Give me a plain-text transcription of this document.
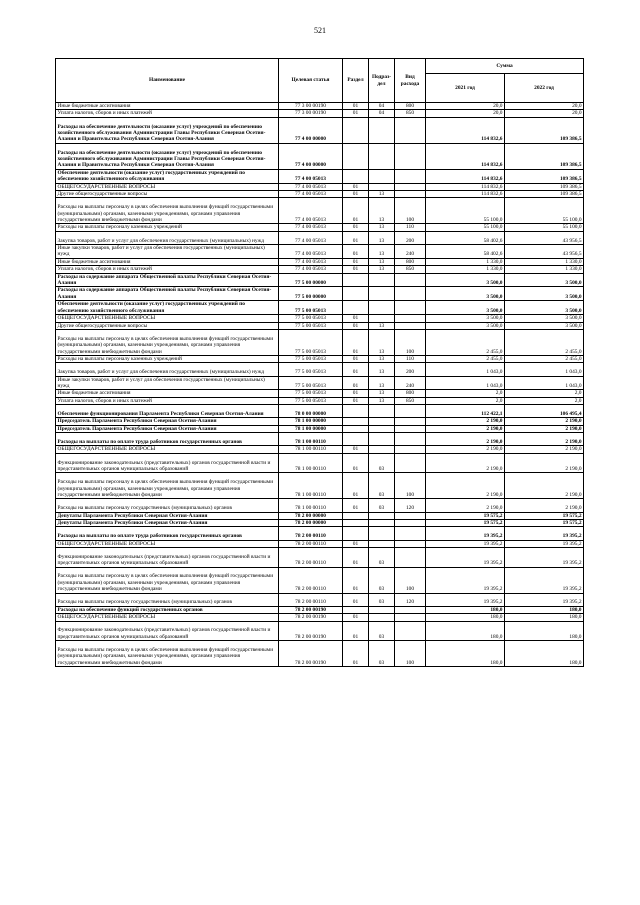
521
Наименование	Целевая статья	Раздел	Подраз-дел	Вид расхода	Сумма	
					2021 год	2022 год
Иные бюджетные ассигнования	77 3 00 00190	01	04	800	20,0	20,0
Уплата налогов, сборов и иных платежей	77 3 00 00190	01	04	850	20,0	20,0
Расходы на обеспечение деятельности (оказание услуг) учреждений по обеспечению хозяйственного обслуживания Администрации Главы Республики Северная Осетия-Алания и Правительства Республики Северная Осетия-Алания	77 4 00 00000				114 832,6	109 386,5
Расходы на обеспечение деятельности (оказание услуг) учреждений по обеспечению хозяйственного обслуживания Администрации Главы Республики Северная Осетия-Алания и Правительства Республики Северная Осетия-Алания	77 4 00 00000				114 832,6	109 386,5
Обеспечение деятельности (оказание услуг) государственных учреждений по обеспечению хозяйственного обслуживания	77 4 00 05013				114 832,6	109 386,5
ОБЩЕГОСУДАРСТВЕННЫЕ ВОПРОСЫ	77 4 00 05013	01			114 832,6	109 386,5
Другие общегосударственные вопросы	77 4 00 05013	01	13		114 832,6	109 386,5
Расходы на выплаты персоналу в целях обеспечения выполнения функций государственными (муниципальными) органами, казенными учреждениями, органами управления государственными внебюджетными фондами	77 4 00 05013	01	13	100	55 100,0	55 100,0
Расходы на выплаты персоналу казенных учреждений	77 4 00 05013	01	13	110	55 100,0	55 100,0
Закупка товаров, работ и услуг для обеспечения государственных (муниципальных) нужд	77 4 00 05013	01	13	200	58 402,6	43 956,5
Иные закупки товаров, работ и услуг для обеспечения государственных (муниципальных) нужд	77 4 00 05013	01	13	240	58 402,6	43 956,5
Иные бюджетные ассигнования	77 4 00 05013	01	13	800	1 330,0	1 330,0
Уплата налогов, сборов и иных платежей	77 4 00 05013	01	13	850	1 330,0	1 330,0
Расходы на содержание аппарата Общественной палаты Республики Северная Осетия-Алания	77 5 00 00000				3 500,0	3 500,0
Расходы на содержание аппарата Общественной палаты Республики Северная Осетия-Алания	77 5 00 00000				3 500,0	3 500,0
Обеспечение деятельности (оказание услуг) государственных учреждений по обеспечению хозяйственного обслуживания	77 5 00 05013				3 500,0	3 500,0
ОБЩЕГОСУДАРСТВЕННЫЕ ВОПРОСЫ	77 5 00 05013	01			3 500,0	3 500,0
Другие общегосударственные вопросы	77 5 00 05013	01	13		3 500,0	3 500,0
Расходы на выплаты персоналу в целях обеспечения выполнения функций государственными (муниципальными) органами, казенными учреждениями, органами управления государственными внебюджетными фондами	77 5 00 05013	01	13	100	2 455,0	2 455,0
Расходы на выплаты персоналу казенных учреждений	77 5 00 05013	01	13	110	2 455,0	2 455,0
Закупка товаров, работ и услуг для обеспечения государственных (муниципальных) нужд	77 5 00 05013	01	13	200	1 043,0	1 043,0
Иные закупки товаров, работ и услуг для обеспечения государственных (муниципальных) нужд	77 5 00 05013	01	13	240	1 043,0	1 043,0
Иные бюджетные ассигнования	77 5 00 05013	01	13	800	2,0	2,0
Уплата налогов, сборов и иных платежей	77 5 00 05013	01	13	850	2,0	2,0
Обеспечение функционирования Парламента Республики Северная Осетия-Алания	78 0 00 00000				112 422,1	106 495,4
Председатель Парламента Республики Северная Осетия-Алания	78 1 00 00000				2 190,0	2 190,0
Председатель Парламента Республики Северная Осетия-Алания	78 1 00 00000				2 190,0	2 190,0
Расходы на выплаты по оплате труда работников государственных органов	78 1 00 00110				2 190,0	2 190,0
ОБЩЕГОСУДАРСТВЕННЫЕ ВОПРОСЫ	78 1 00 00110	01			2 190,0	2 190,0
Функционирование законодательных (представительных) органов государственной власти и представительных органов муниципальных образований	78 1 00 00110	01	03		2 190,0	2 190,0
Расходы на выплаты персоналу в целях обеспечения выполнения функций государственными (муниципальными) органами, казенными учреждениями, органами управления государственными внебюджетными фондами	78 1 00 00110	01	03	100	2 190,0	2 190,0
Расходы на выплаты персоналу государственных (муниципальных) органов	78 1 00 00110	01	03	120	2 190,0	2 190,0
Депутаты Парламента Республики Северная Осетия-Алания	78 2 00 00000				19 575,2	19 575,2
Депутаты Парламента Республики Северная Осетия-Алания	78 2 00 00000				19 575,2	19 575,2
Расходы на выплаты по оплате труда работников государственных органов	78 2 00 00110				19 395,2	19 395,2
ОБЩЕГОСУДАРСТВЕННЫЕ ВОПРОСЫ	78 2 00 00110	01			19 395,2	19 395,2
Функционирование законодательных (представительных) органов государственной власти и представительных органов муниципальных образований	78 2 00 00110	01	03		19 395,2	19 395,2
Расходы на выплаты персоналу в целях обеспечения выполнения функций государственными (муниципальными) органами, казенными учреждениями, органами управления государственными внебюджетными фондами	78 2 00 00110	01	03	100	19 395,2	19 395,2
Расходы на выплаты персоналу государственных (муниципальных) органов	78 2 00 00110	01	03	120	19 395,2	19 395,2
Расходы на обеспечение функций государственных органов	78 2 00 00190				180,0	180,0
ОБЩЕГОСУДАРСТВЕННЫЕ ВОПРОСЫ	78 2 00 00190	01			180,0	180,0
Функционирование законодательных (представительных) органов государственной власти и представительных органов муниципальных образований	78 2 00 00190	01	03		180,0	180,0
Расходы на выплаты персоналу в целях обеспечения выполнения функций государственными (муниципальными) органами, казенными учреждениями, органами управления государственными внебюджетными фондами	78 2 00 00190	01	03	100	180,0	180,0
